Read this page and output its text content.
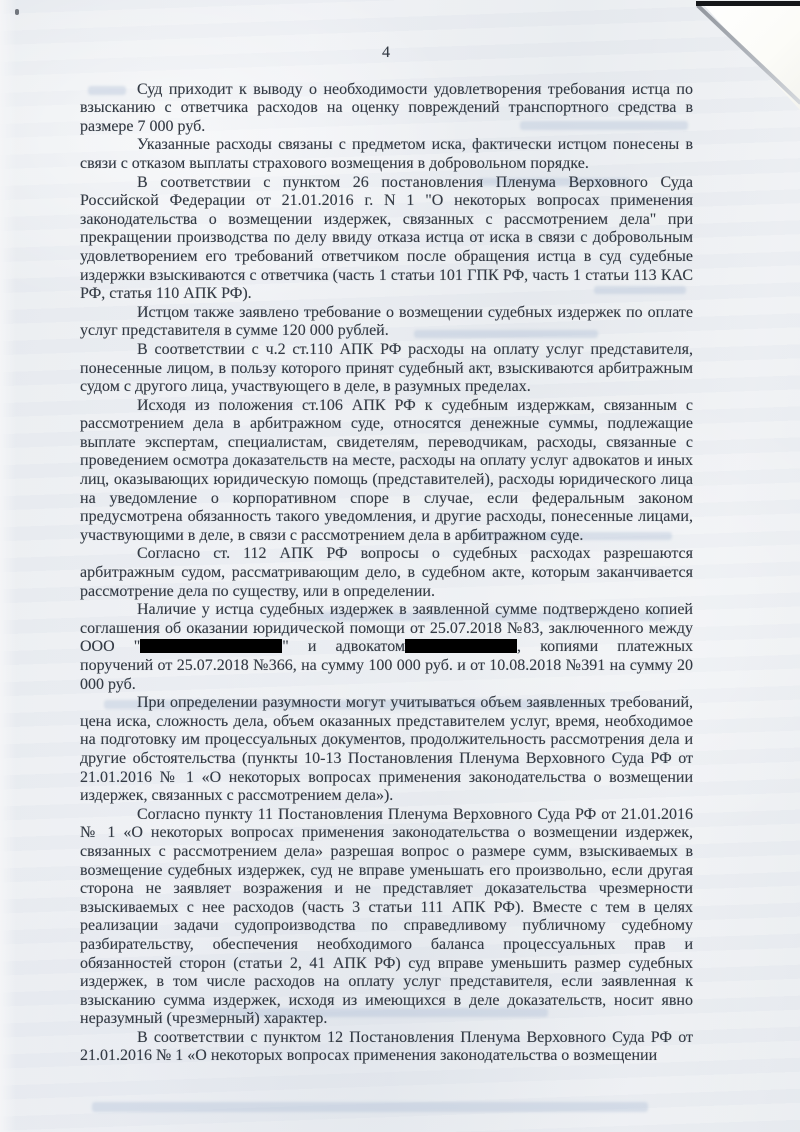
4

Суд приходит к выводу о необходимости удовлетворения требования истца по взысканию с ответчика расходов на оценку повреждений транспортного средства в размере 7 000 руб.

Указанные расходы связаны с предметом иска, фактически истцом понесены в связи с отказом выплаты страхового возмещения в добровольном порядке.

В соответствии с пунктом 26 постановления Пленума Верховного Суда Российской Федерации от 21.01.2016 г. N 1 "О некоторых вопросах применения законодательства о возмещении издержек, связанных с рассмотрением дела" при прекращении производства по делу ввиду отказа истца от иска в связи с добровольным удовлетворением его требований ответчиком после обращения истца в суд судебные издержки взыскиваются с ответчика (часть 1 статьи 101 ГПК РФ, часть 1 статьи 113 КАС РФ, статья 110 АПК РФ).

Истцом также заявлено требование о возмещении судебных издержек по оплате услуг представителя в сумме 120 000 рублей.

В соответствии с ч.2 ст.110 АПК РФ расходы на оплату услуг представителя, понесенные лицом, в пользу которого принят судебный акт, взыскиваются арбитражным судом с другого лица, участвующего в деле, в разумных пределах.

Исходя из положения ст.106 АПК РФ к судебным издержкам, связанным с рассмотрением дела в арбитражном суде, относятся денежные суммы, подлежащие выплате экспертам, специалистам, свидетелям, переводчикам, расходы, связанные с проведением осмотра доказательств на месте, расходы на оплату услуг адвокатов и иных лиц, оказывающих юридическую помощь (представителей), расходы юридического лица на уведомление о корпоративном споре в случае, если федеральным законом предусмотрена обязанность такого уведомления, и другие расходы, понесенные лицами, участвующими в деле, в связи с рассмотрением дела в арбитражном суде.

Согласно ст. 112 АПК РФ вопросы о судебных расходах разрешаются арбитражным судом, рассматривающим дело, в судебном акте, которым заканчивается рассмотрение дела по существу, или в определении.

Наличие у истца судебных издержек в заявленной сумме подтверждено копией соглашения об оказании юридической помощи от 25.07.2018 №83, заключенного между ООО "	" и адвокатом	, копиями платежных поручений от 25.07.2018 №366, на сумму 100 000 руб. и от 10.08.2018 №391 на сумму 20 000 руб.

При определении разумности могут учитываться объем заявленных требований, цена иска, сложность дела, объем оказанных представителем услуг, время, необходимое на подготовку им процессуальных документов, продолжительность рассмотрения дела и другие обстоятельства (пункты 10-13 Постановления Пленума Верховного Суда РФ от 21.01.2016 № 1 «О некоторых вопросах применения законодательства о возмещении издержек, связанных с рассмотрением дела»).

Согласно пункту 11 Постановления Пленума Верховного Суда РФ от 21.01.2016 № 1 «О некоторых вопросах применения законодательства о возмещении издержек, связанных с рассмотрением дела» разрешая вопрос о размере сумм, взыскиваемых в возмещение судебных издержек, суд не вправе уменьшать его произвольно, если другая сторона не заявляет возражения и не представляет доказательства чрезмерности взыскиваемых с нее расходов (часть 3 статьи 111 АПК РФ). Вместе с тем в целях реализации задачи судопроизводства по справедливому публичному судебному разбирательству, обеспечения необходимого баланса процессуальных прав и обязанностей сторон (статьи 2, 41 АПК РФ) суд вправе уменьшить размер судебных издержек, в том числе расходов на оплату услуг представителя, если заявленная к взысканию сумма издержек, исходя из имеющихся в деле доказательств, носит явно неразумный (чрезмерный) характер.

В соответствии с пунктом 12 Постановления Пленума Верховного Суда РФ от 21.01.2016 № 1 «О некоторых вопросах применения законодательства о возмещении
